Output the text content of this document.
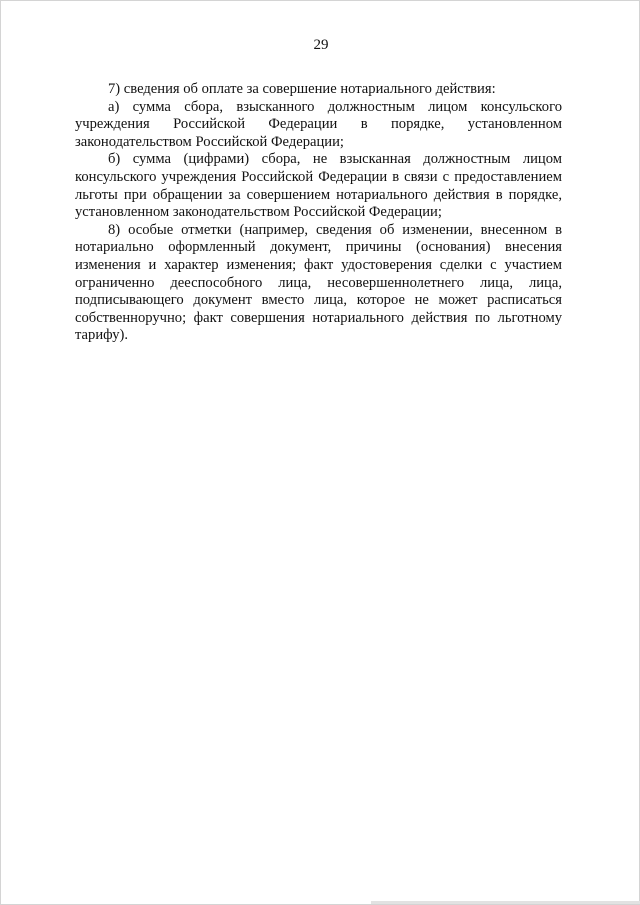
29

7) сведения об оплате за совершение нотариального действия:

а) сумма сбора, взысканного должностным лицом консульского учреждения Российской Федерации в порядке, установленном законодательством Российской Федерации;

б) сумма (цифрами) сбора, не взысканная должностным лицом консульского учреждения Российской Федерации в связи с предоставлением льготы при обращении за совершением нотариального действия в порядке, установленном законодательством Российской Федерации;

8) особые отметки (например, сведения об изменении, внесенном в нотариально оформленный документ, причины (основания) внесения изменения и характер изменения; факт удостоверения сделки с участием ограниченно дееспособного лица, несовершеннолетнего лица, лица, подписывающего документ вместо лица, которое не может расписаться собственноручно; факт совершения нотариального действия по льготному тарифу).
